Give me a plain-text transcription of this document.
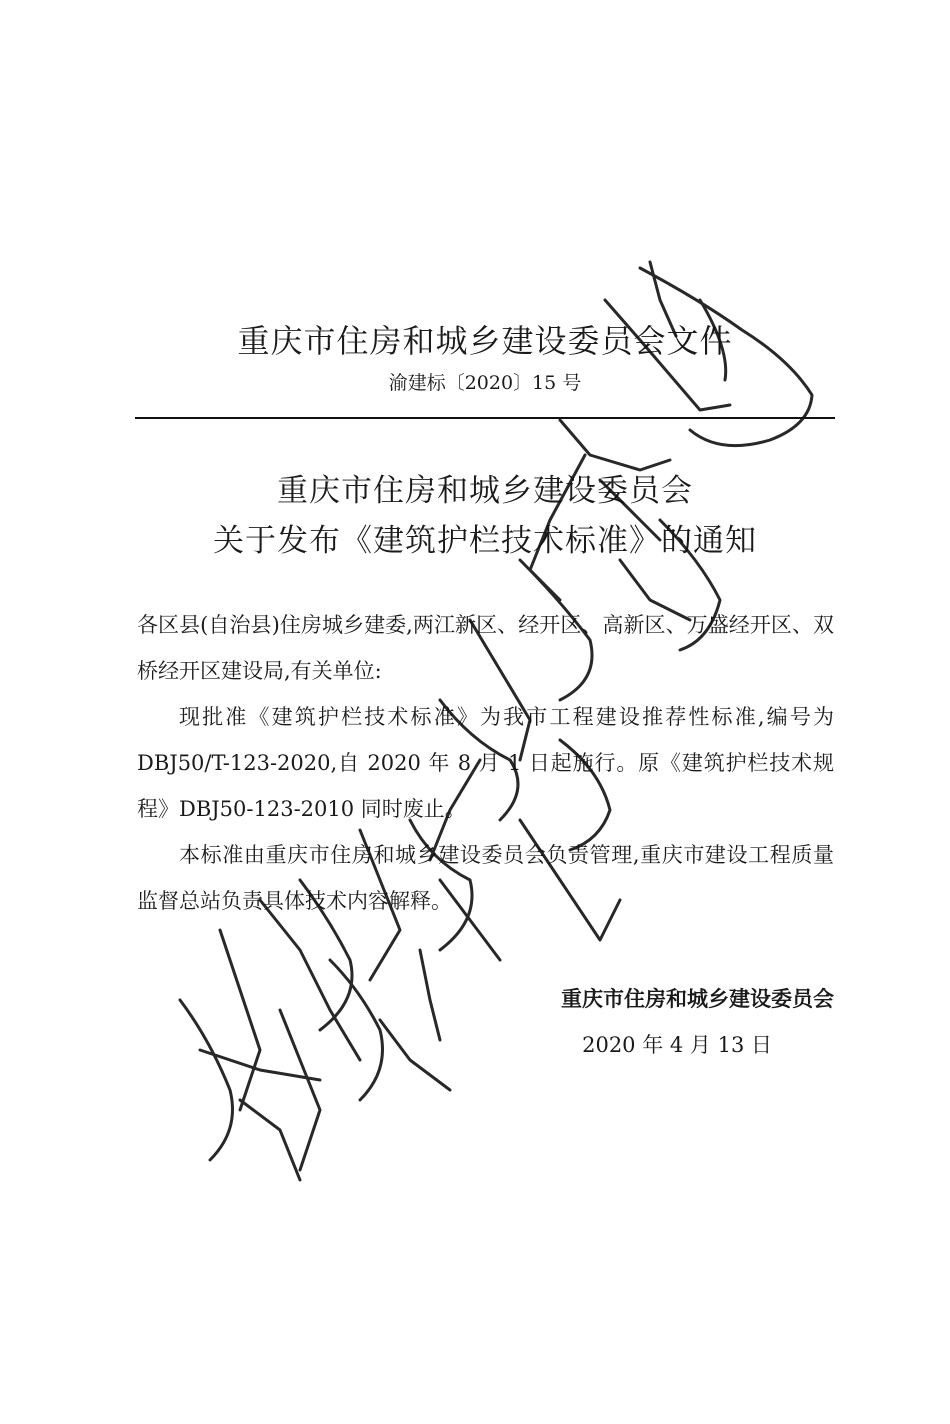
重庆市住房和城乡建设委员会文件
渝建标〔2020〕15 号
重庆市住房和城乡建设委员会
关于发布《建筑护栏技术标准》的通知

各区县(自治县)住房城乡建委,两江新区、经开区、高新区、万盛经开区、双桥经开区建设局,有关单位:

现批准《建筑护栏技术标准》为我市工程建设推荐性标准,编号为 DBJ50/T-123-2020,自 2020 年 8 月 1 日起施行。原《建筑护栏技术规程》DBJ50-123-2010 同时废止。

本标准由重庆市住房和城乡建设委员会负责管理,重庆市建设工程质量监督总站负责具体技术内容解释。

重庆市住房和城乡建设委员会
2020 年 4 月 13 日
